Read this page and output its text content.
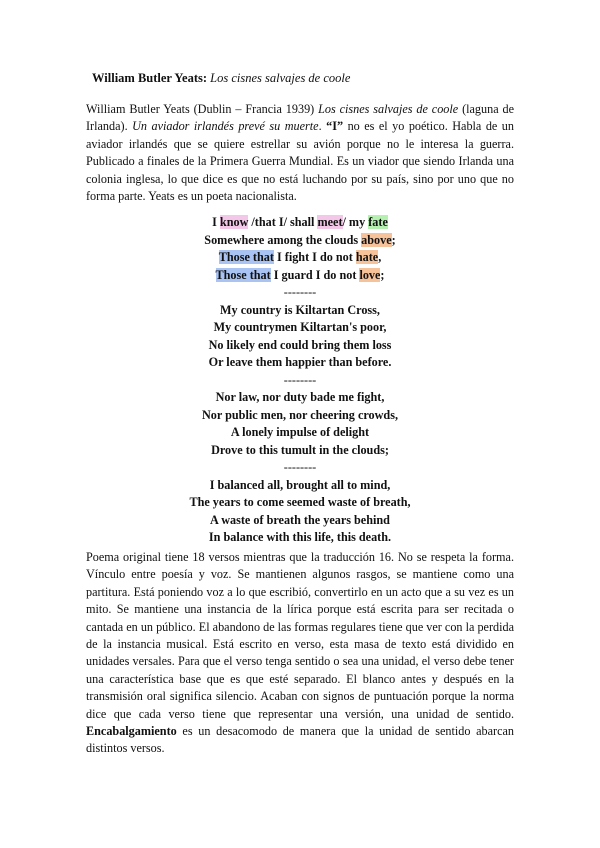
William Butler Yeats: Los cisnes salvajes de coole

William Butler Yeats (Dublin – Francia 1939) Los cisnes salvajes de coole (laguna de Irlanda). Un aviador irlandés prevé su muerte. “I” no es el yo poético. Habla de un aviador irlandés que se quiere estrellar su avión porque no le interesa la guerra. Publicado a finales de la Primera Guerra Mundial. Es un viador que siendo Irlanda una colonia inglesa, lo que dice es que no está luchando por su país, sino por uno que no forma parte. Yeats es un poeta nacionalista.

I know /that I/ shall meet/ my fate
Somewhere among the clouds above;
Those that I fight I do not hate,
Those that I guard I do not love;
--------
My country is Kiltartan Cross,
My countrymen Kiltartan's poor,
No likely end could bring them loss
Or leave them happier than before.
--------
Nor law, nor duty bade me fight,
Nor public men, nor cheering crowds,
A lonely impulse of delight
Drove to this tumult in the clouds;
--------
I balanced all, brought all to mind,
The years to come seemed waste of breath,
A waste of breath the years behind
In balance with this life, this death.

Poema original tiene 18 versos mientras que la traducción 16. No se respeta la forma. Vínculo entre poesía y voz. Se mantienen algunos rasgos, se mantiene como una partitura. Está poniendo voz a lo que escribió, convertirlo en un acto que a su vez es un mito. Se mantiene una instancia de la lírica porque está escrita para ser recitada o cantada en un público. El abandono de las formas regulares tiene que ver con la perdida de la instancia musical. Está escrito en verso, esta masa de texto está dividido en unidades versales. Para que el verso tenga sentido o sea una unidad, el verso debe tener una característica base que es que esté separado. El blanco antes y después en la transmisión oral significa silencio. Acaban con signos de puntuación porque la norma dice que cada verso tiene que representar una versión, una unidad de sentido. Encabalgamiento es un desacomodo de manera que la unidad de sentido abarcan distintos versos.
